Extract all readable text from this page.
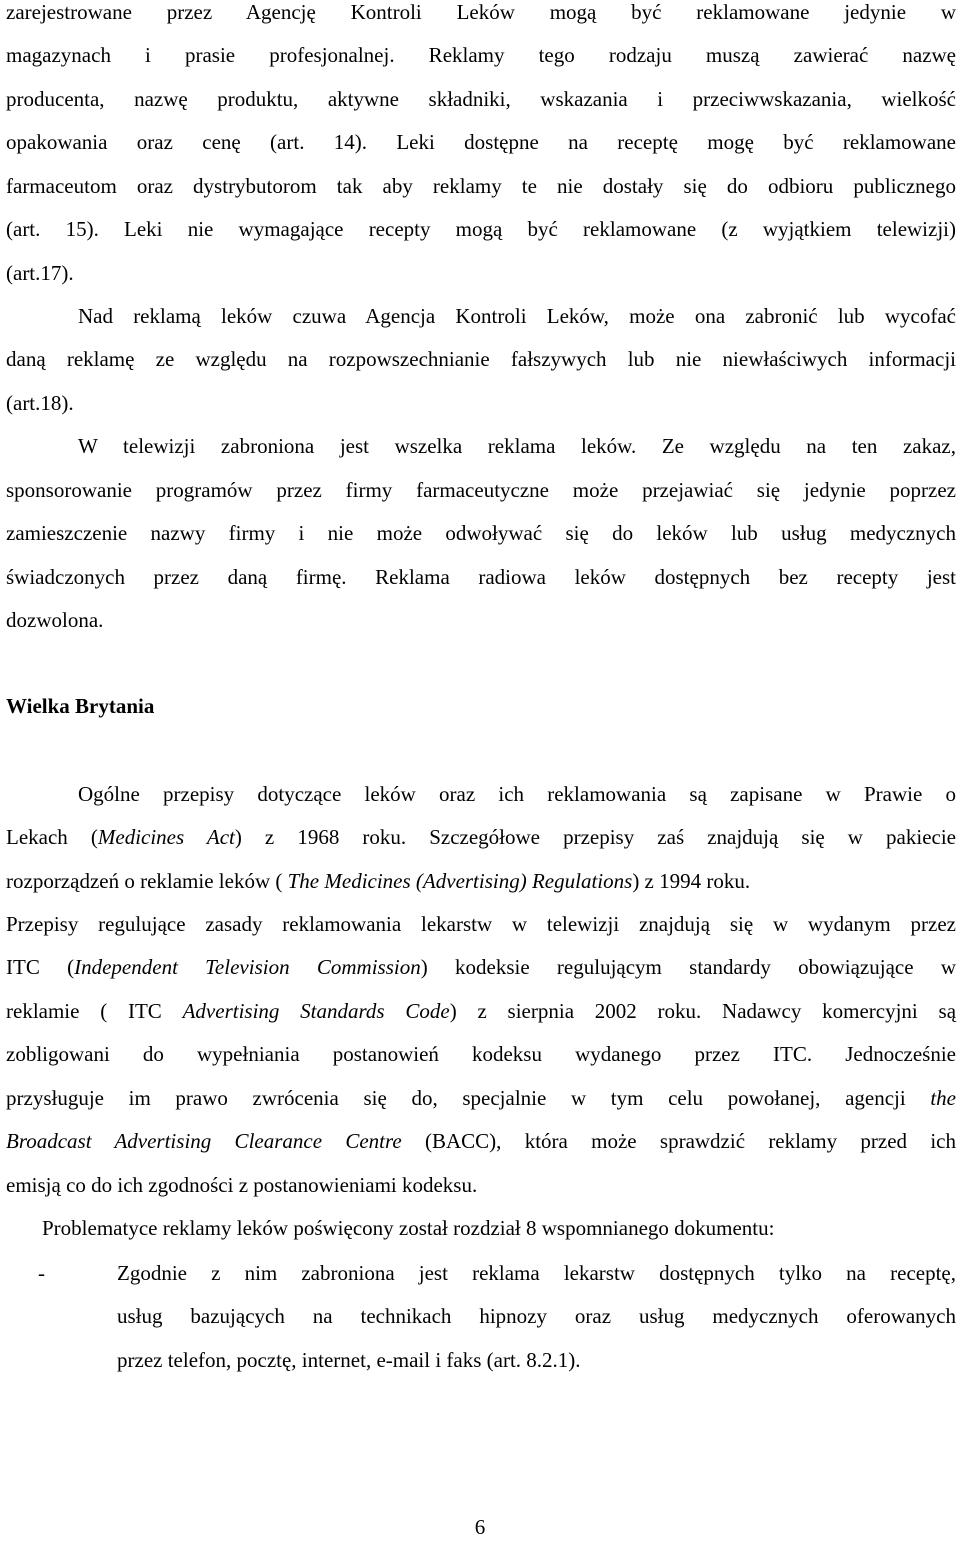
zarejestrowane przez Agencję Kontroli Leków mogą być reklamowane jedynie w
magazynach i prasie profesjonalnej. Reklamy tego rodzaju muszą zawierać nazwę
producenta, nazwę produktu, aktywne składniki, wskazania i przeciwwskazania, wielkość
opakowania oraz cenę (art. 14). Leki dostępne na receptę mogę być reklamowane
farmaceutom oraz dystrybutorom tak aby reklamy te nie dostały się do odbioru publicznego
(art. 15). Leki nie wymagające recepty mogą być reklamowane (z wyjątkiem telewizji)
(art.17).
Nad reklamą leków czuwa Agencja Kontroli Leków, może ona zabronić lub wycofać
daną reklamę ze względu na rozpowszechnianie fałszywych lub nie niewłaściwych informacji
(art.18).
W telewizji zabroniona jest wszelka reklama leków. Ze względu na ten zakaz,
sponsorowanie programów przez firmy farmaceutyczne może przejawiać się jedynie poprzez
zamieszczenie nazwy firmy i nie może odwoływać się do leków lub usług medycznych
świadczonych przez daną firmę. Reklama radiowa leków dostępnych bez recepty jest
dozwolona.
Wielka Brytania
Ogólne przepisy dotyczące leków oraz ich reklamowania są zapisane w Prawie o
Lekach (Medicines Act) z 1968 roku. Szczegółowe przepisy zaś znajdują się w pakiecie
rozporządzeń o reklamie leków ( The Medicines (Advertising) Regulations) z 1994 roku.
Przepisy regulujące zasady reklamowania lekarstw w telewizji znajdują się w wydanym przez
ITC (Independent Television Commission) kodeksie regulującym standardy obowiązujące w
reklamie ( ITC Advertising Standards Code) z sierpnia 2002 roku. Nadawcy komercyjni są
zobligowani do wypełniania postanowień kodeksu wydanego przez ITC. Jednocześnie
przysługuje im prawo zwrócenia się do, specjalnie w tym celu powołanej, agencji the
Broadcast Advertising Clearance Centre (BACC), która może sprawdzić reklamy przed ich
emisją co do ich zgodności z postanowieniami kodeksu.
Problematyce reklamy leków poświęcony został rozdział 8 wspomnianego dokumentu:
-	Zgodnie z nim zabroniona jest reklama lekarstw dostępnych tylko na receptę,
usług bazujących na technikach hipnozy oraz usług medycznych oferowanych
przez telefon, pocztę, internet, e-mail i faks (art. 8.2.1).
6
